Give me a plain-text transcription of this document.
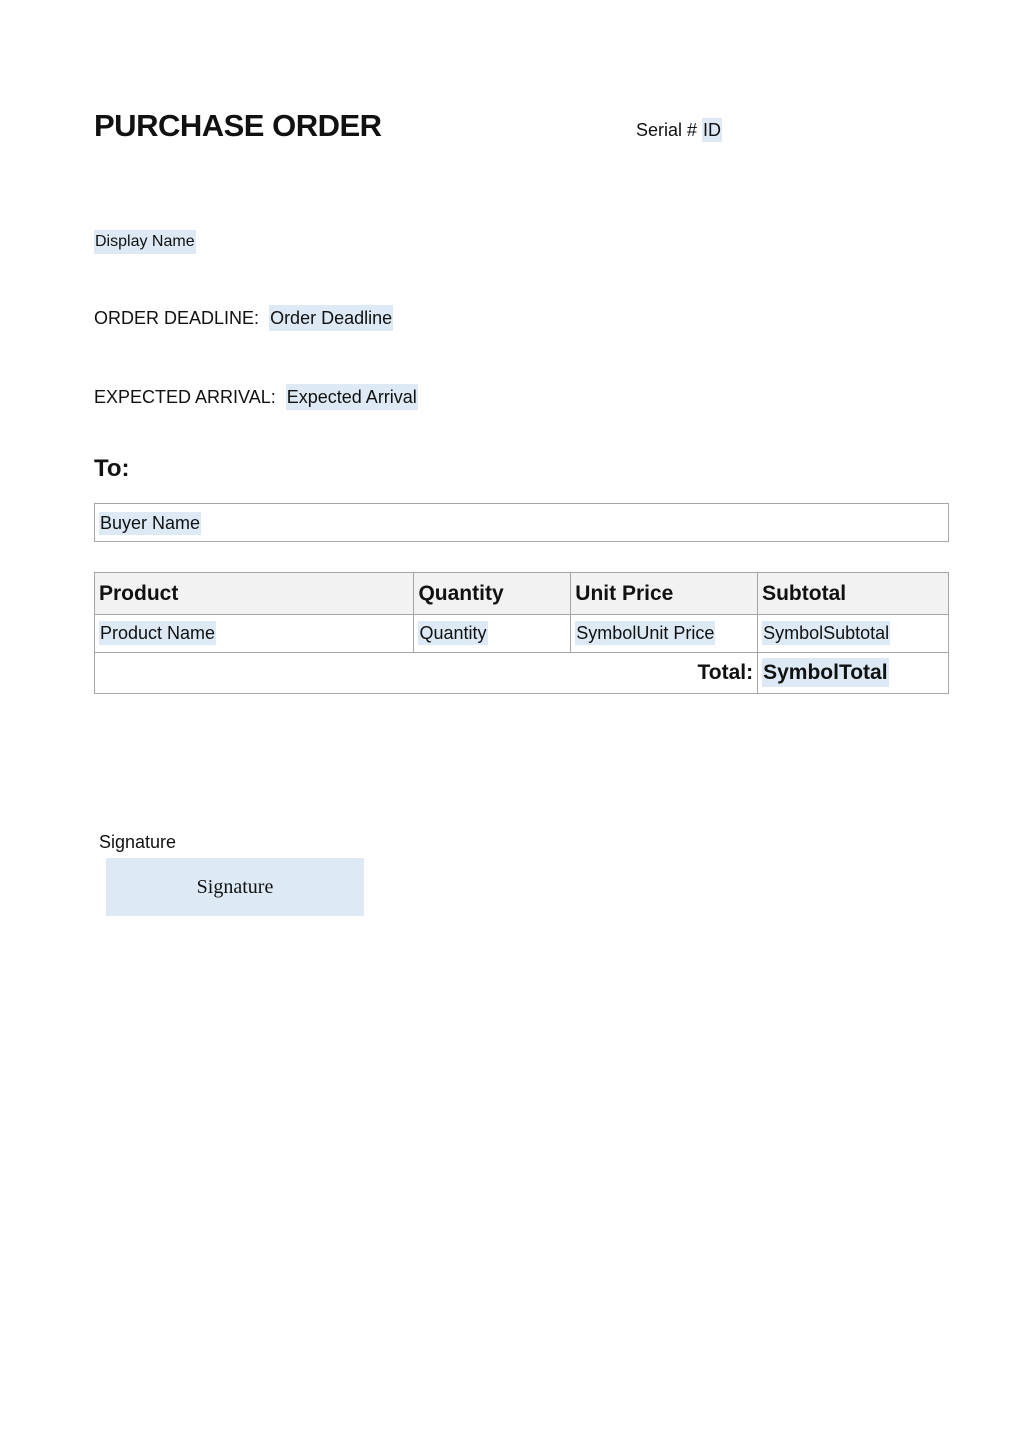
PURCHASE ORDER	Serial # ID
Display Name
ORDER DEADLINE: Order Deadline
EXPECTED ARRIVAL: Expected Arrival
To:
Buyer Name
Product	Quantity	Unit Price	Subtotal
Product Name	Quantity	SymbolUnit Price	SymbolSubtotal
Total:			SymbolTotal
Signature
Signature
